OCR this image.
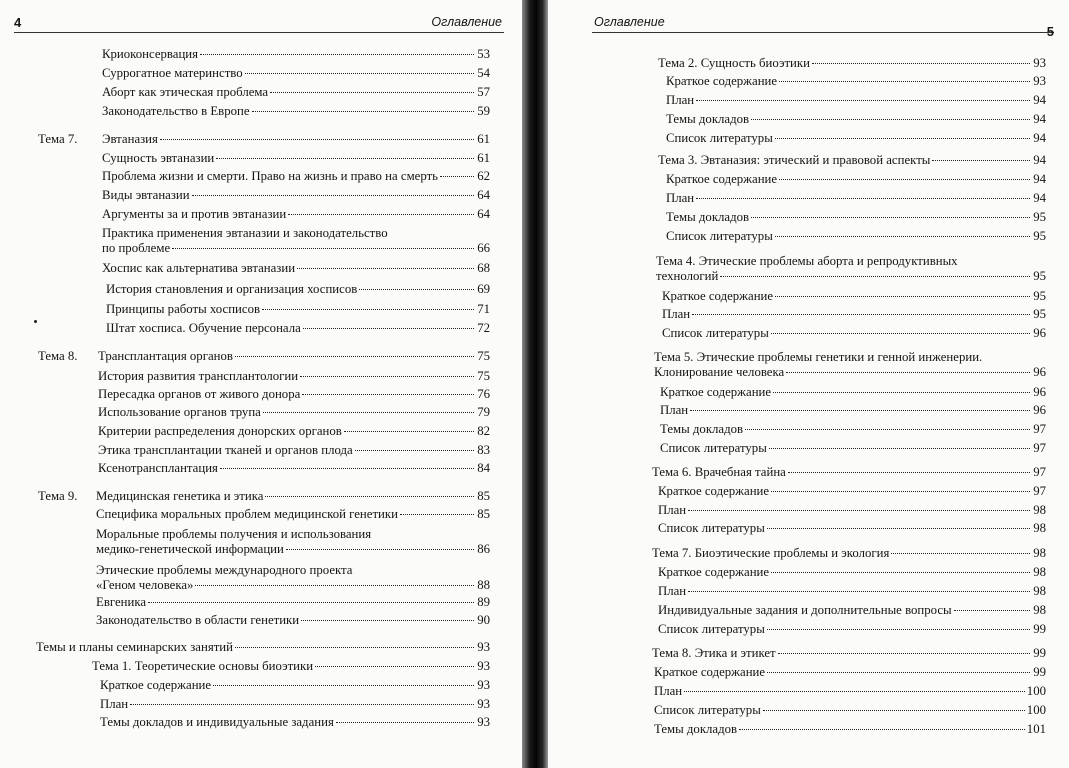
4	Оглавление
Криоконсервация	53
Суррогатное материнство	54
Аборт как этическая проблема	57
Законодательство в Европе	59
Тема 7. Эвтаназия	61
Сущность эвтаназии	61
Проблема жизни и смерти. Право на жизнь и право на смерть	62
Виды эвтаназии	64
Аргументы за и против эвтаназии	64
Практика применения эвтаназии и законодательство
по проблеме	66
Хоспис как альтернатива эвтаназии	68
История становления и организация хосписов	69
Принципы работы хосписов	71
Штат хосписа. Обучение персонала	72
Тема 8. Трансплантация органов	75
История развития трансплантологии	75
Пересадка органов от живого донора	76
Использование органов трупа	79
Критерии распределения донорских органов	82
Этика трансплантации тканей и органов плода	83
Ксенотрансплантация	84
Тема 9. Медицинская генетика и этика	85
Специфика моральных проблем медицинской генетики	85
Моральные проблемы получения и использования
медико-генетической информации	86
Этические проблемы международного проекта
«Геном человека»	88
Евгеника	89
Законодательство в области генетики	90
Темы и планы семинарских занятий	93
Тема 1. Теоретические основы биоэтики	93
Краткое содержание	93
План	93
Темы докладов и индивидуальные задания	93
Оглавление
5
Тема 2. Сущность биоэтики	93
Краткое содержание	93
План	94
Темы докладов	94
Список литературы	94
Тема 3. Эвтаназия: этический и правовой аспекты	94
Краткое содержание	94
План	94
Темы докладов	95
Список литературы	95
Тема 4. Этические проблемы аборта и репродуктивных
технологий	95
Краткое содержание	95
План	95
Список литературы	96
Тема 5. Этические проблемы генетики и генной инженерии.
Клонирование человека	96
Краткое содержание	96
План	96
Темы докладов	97
Список литературы	97
Тема 6. Врачебная тайна	97
Краткое содержание	97
План	98
Список литературы	98
Тема 7. Биоэтические проблемы и экология	98
Краткое содержание	98
План	98
Индивидуальные задания и дополнительные вопросы	98
Список литературы	99
Тема 8. Этика и этикет	99
Краткое содержание	99
План	100
Список литературы	100
Темы докладов	101
